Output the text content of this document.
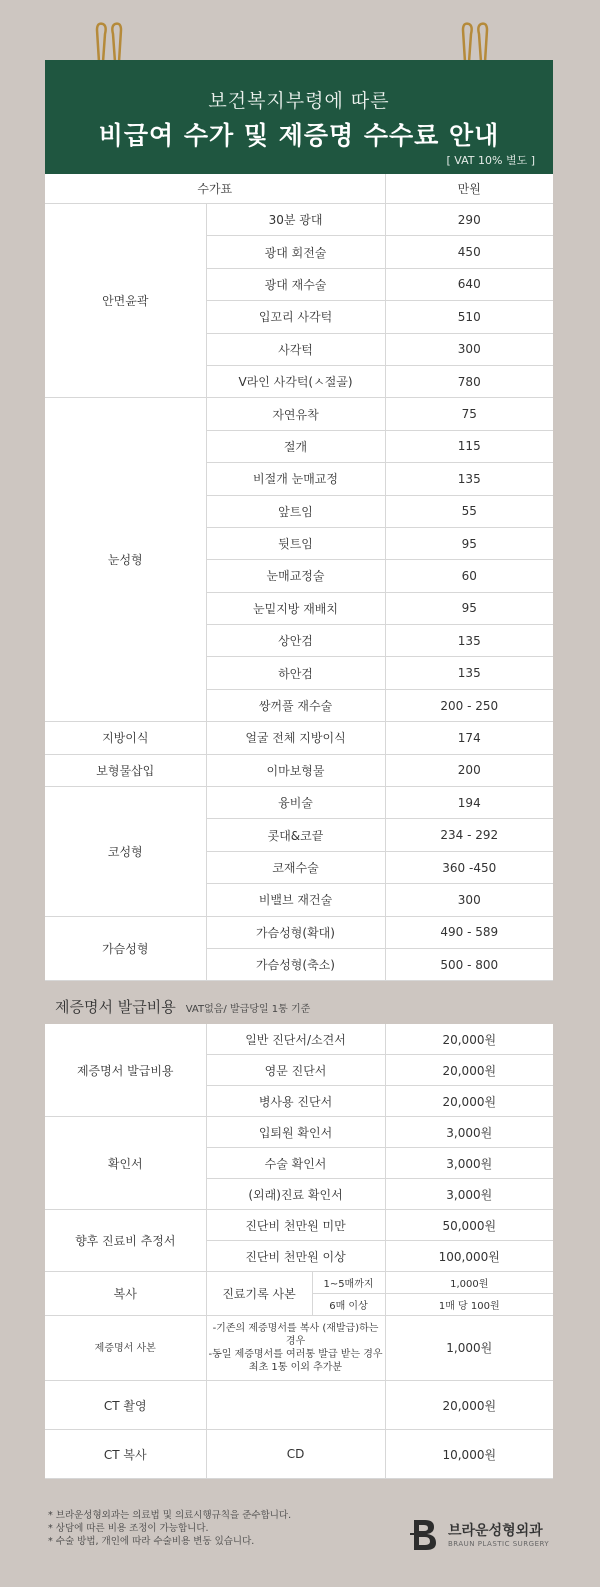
보건복지부령에 따른
비급여 수가 및 제증명 수수료 안내
[ VAT 10% 별도 ]
수가표		만원
안면윤곽	30분 광대	290
	광대 회전술	450
	광대 재수술	640
	입꼬리 사각턱	510
	사각턱	300
	V라인 사각턱(ㅅ절골)	780
눈성형	자연유착	75
	절개	115
	비절개 눈매교정	135
	앞트임	55
	뒷트임	95
	눈매교정술	60
	눈밑지방 재배치	95
	상안검	135
	하안검	135
	쌍꺼풀 재수술	200 - 250
지방이식	얼굴 전체 지방이식	174
보형물삽입	이마보형물	200
코성형	융비술	194
	콧대&코끝	234 - 292
	코재수술	360 -450
	비밸브 재건술	300
가슴성형	가슴성형(확대)	490 - 589
	가슴성형(축소)	500 - 800
제증명서 발급비용 VAT없음/ 발급당일 1통 기준
제증명서 발급비용	일반 진단서/소견서		20,000원
	영문 진단서		20,000원
	병사용 진단서		20,000원
확인서	입퇴원 확인서		3,000원
	수술 확인서		3,000원
	(외래)진료 확인서		3,000원
향후 진료비 추정서	진단비 천만원 미만		50,000원
	진단비 천만원 이상		100,000원
복사	진료기록 사본	1~5매까지	1,000원
		6매 이상	1매 당 100원
제증명서 사본	-기존의 제증명서를 복사 (재발급)하는 경우
-동일 제증명서를 여러통 발급 받는 경우
최초 1통 이외 추가분		1,000원
CT 촬영			20,000원
CT 복사	CD		10,000원
* 브라운성형외과는 의료법 및 의료시행규칙을 준수합니다.
* 상담에 따른 비용 조정이 가능합니다.
* 수술 방법, 개인에 따라 수술비용 변동 있습니다.
브라운성형외과
BRAUN PLASTIC SURGERY
